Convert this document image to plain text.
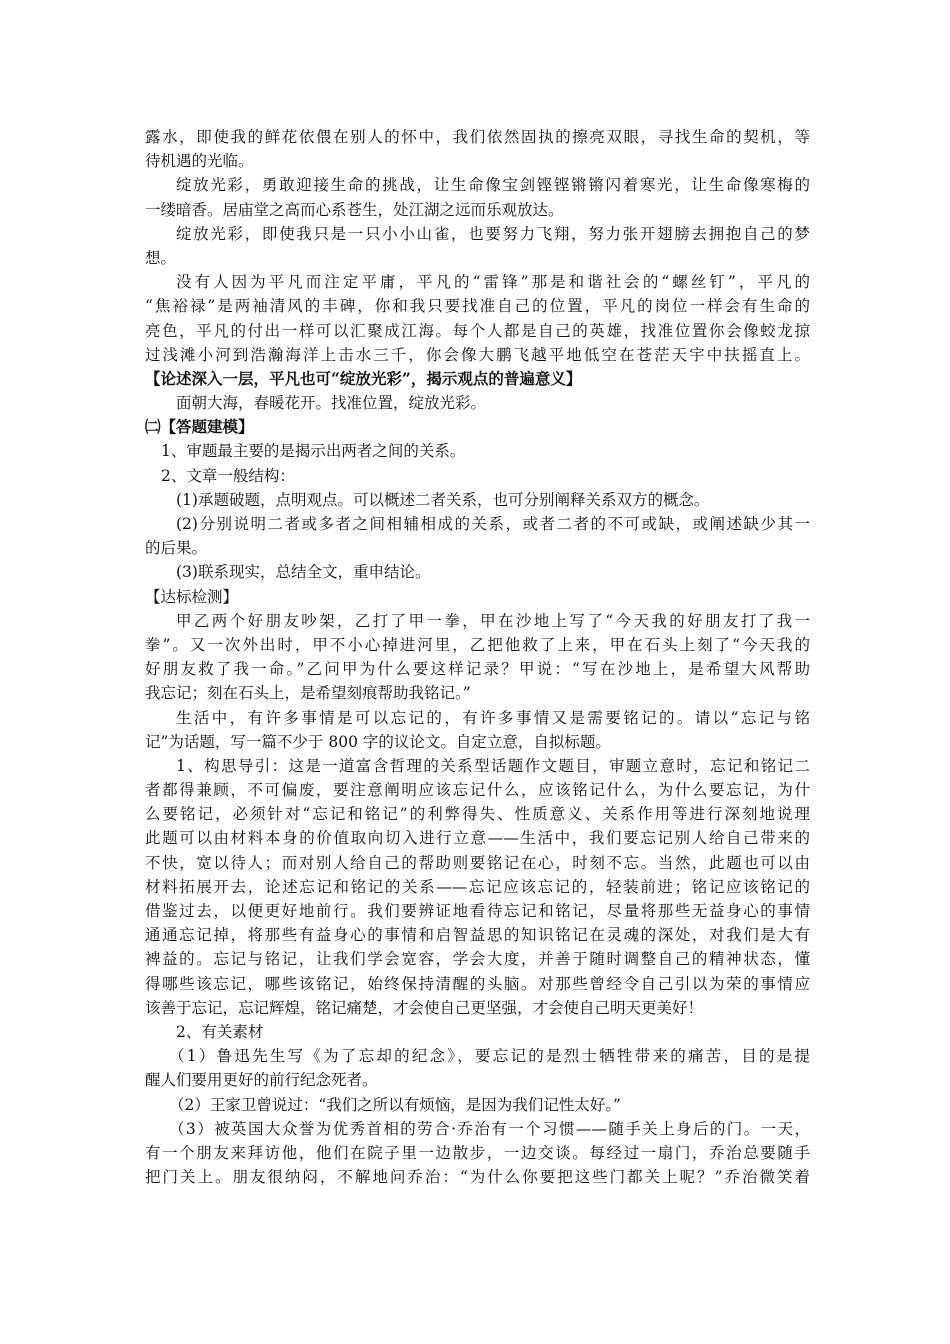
露水，即使我的鲜花依偎在别人的怀中，我们依然固执的擦亮双眼，寻找生命的契机，等
待机遇的光临。
绽放光彩，勇敢迎接生命的挑战，让生命像宝剑铿铿锵锵闪着寒光，让生命像寒梅的
一缕暗香。居庙堂之高而心系苍生，处江湖之远而乐观放达。
绽放光彩，即使我只是一只小小山雀，也要努力飞翔，努力张开翅膀去拥抱自己的梦
想。
没有人因为平凡而注定平庸，平凡的“雷锋”那是和谐社会的“螺丝钉”，平凡的
“焦裕禄”是两袖清风的丰碑，你和我只要找准自己的位置，平凡的岗位一样会有生命的
亮色，平凡的付出一样可以汇聚成江海。每个人都是自己的英雄，找准位置你会像蛟龙掠
过浅滩小河到浩瀚海洋上击水三千，你会像大鹏飞越平地低空在苍茫天宇中扶摇直上。
【论述深入一层，平凡也可“绽放光彩”，揭示观点的普遍意义】
面朝大海，春暖花开。找准位置，绽放光彩。
㈡【答题建模】
1、审题最主要的是揭示出两者之间的关系。
2、文章一般结构：
(1)承题破题，点明观点。可以概述二者关系，也可分别阐释关系双方的概念。
(2)分别说明二者或多者之间相辅相成的关系，或者二者的不可或缺，或阐述缺少其一
的后果。
(3)联系现实，总结全文，重申结论。
【达标检测】
甲乙两个好朋友吵架，乙打了甲一拳，甲在沙地上写了“今天我的好朋友打了我一
拳”。又一次外出时，甲不小心掉进河里，乙把他救了上来，甲在石头上刻了“今天我的
好朋友救了我一命。”乙问甲为什么要这样记录？甲说：“写在沙地上，是希望大风帮助
我忘记；刻在石头上，是希望刻痕帮助我铭记。”
生活中，有许多事情是可以忘记的，有许多事情又是需要铭记的。请以“忘记与铭
记”为话题，写一篇不少于 800 字的议论文。自定立意，自拟标题。
1、构思导引：这是一道富含哲理的关系型话题作文题目，审题立意时，忘记和铭记二
者都得兼顾，不可偏废，要注意阐明应该忘记什么，应该铭记什么，为什么要忘记，为什
么要铭记，必须针对“忘记和铭记”的利弊得失、性质意义、关系作用等进行深刻地说理
此题可以由材料本身的价值取向切入进行立意——生活中，我们要忘记别人给自己带来的
不快，宽以待人；而对别人给自己的帮助则要铭记在心，时刻不忘。当然，此题也可以由
材料拓展开去，论述忘记和铭记的关系——忘记应该忘记的，轻装前进；铭记应该铭记的
借鉴过去，以便更好地前行。我们要辨证地看待忘记和铭记，尽量将那些无益身心的事情
通通忘记掉，将那些有益身心的事情和启智益思的知识铭记在灵魂的深处，对我们是大有
裨益的。忘记与铭记，让我们学会宽容，学会大度，并善于随时调整自己的精神状态，懂
得哪些该忘记，哪些该铭记，始终保持清醒的头脑。对那些曾经令自己引以为荣的事情应
该善于忘记，忘记辉煌，铭记痛楚，才会使自己更坚强，才会使自己明天更美好！
2、有关素材
（1）鲁迅先生写《为了忘却的纪念》，要忘记的是烈士牺牲带来的痛苦，目的是提
醒人们要用更好的前行纪念死者。
（2）王家卫曾说过：“我们之所以有烦恼，是因为我们记性太好。”
（3）被英国大众誉为优秀首相的劳合·乔治有一个习惯——随手关上身后的门。一天，
有一个朋友来拜访他，他们在院子里一边散步，一边交谈。每经过一扇门，乔治总要随手
把门关上。朋友很纳闷，不解地问乔治：“为什么你要把这些门都关上呢？”乔治微笑着
